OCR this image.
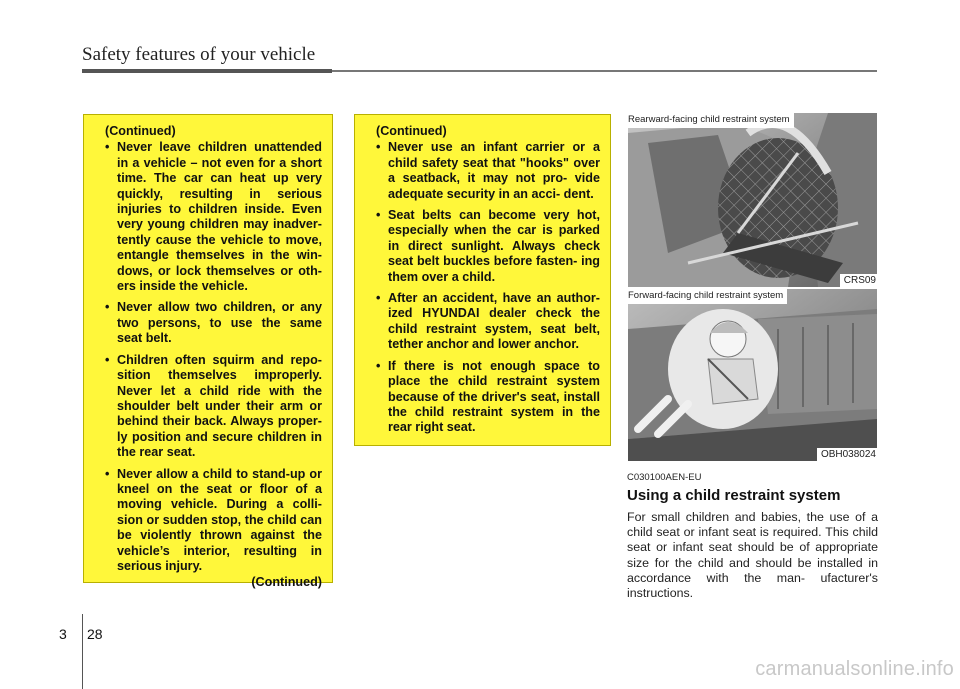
Safety features of your vehicle
(Continued)
• Never leave children unattended in a vehicle – not even for a short time. The car can heat up very quickly, resulting in serious injuries to children inside. Even very young children may inadver- tently cause the vehicle to move, entangle themselves in the win- dows, or lock themselves or oth- ers inside the vehicle.
• Never allow two children, or any two persons, to use the same seat belt.
• Children often squirm and repo- sition themselves improperly. Never let a child ride with the shoulder belt under their arm or behind their back. Always proper- ly position and secure children in the rear seat.
• Never allow a child to stand-up or kneel on the seat or floor of a moving vehicle. During a colli- sion or sudden stop, the child can be violently thrown against the vehicle’s interior, resulting in serious injury.
(Continued)
(Continued)
• Never use an infant carrier or a child safety seat that "hooks" over a seatback, it may not pro- vide adequate security in an acci- dent.
• Seat belts can become very hot, especially when the car is parked in direct sunlight. Always check seat belt buckles before fasten- ing them over a child.
• After an accident, have an author- ized HYUNDAI dealer check the child restraint system, seat belt, tether anchor and lower anchor.
• If there is not enough space to place the child restraint system because of the driver's seat, install the child restraint system in the rear right seat.
Rearward-facing child restraint system
CRS09
Forward-facing child restraint system
OBH038024
C030100AEN-EU
Using a child restraint system
For small children and babies, the use of a child seat or infant seat is required. This child seat or infant seat should be of appropriate size for the child and should be installed in accordance with the man- ufacturer's instructions.
3 28
carmanualsonline.info
